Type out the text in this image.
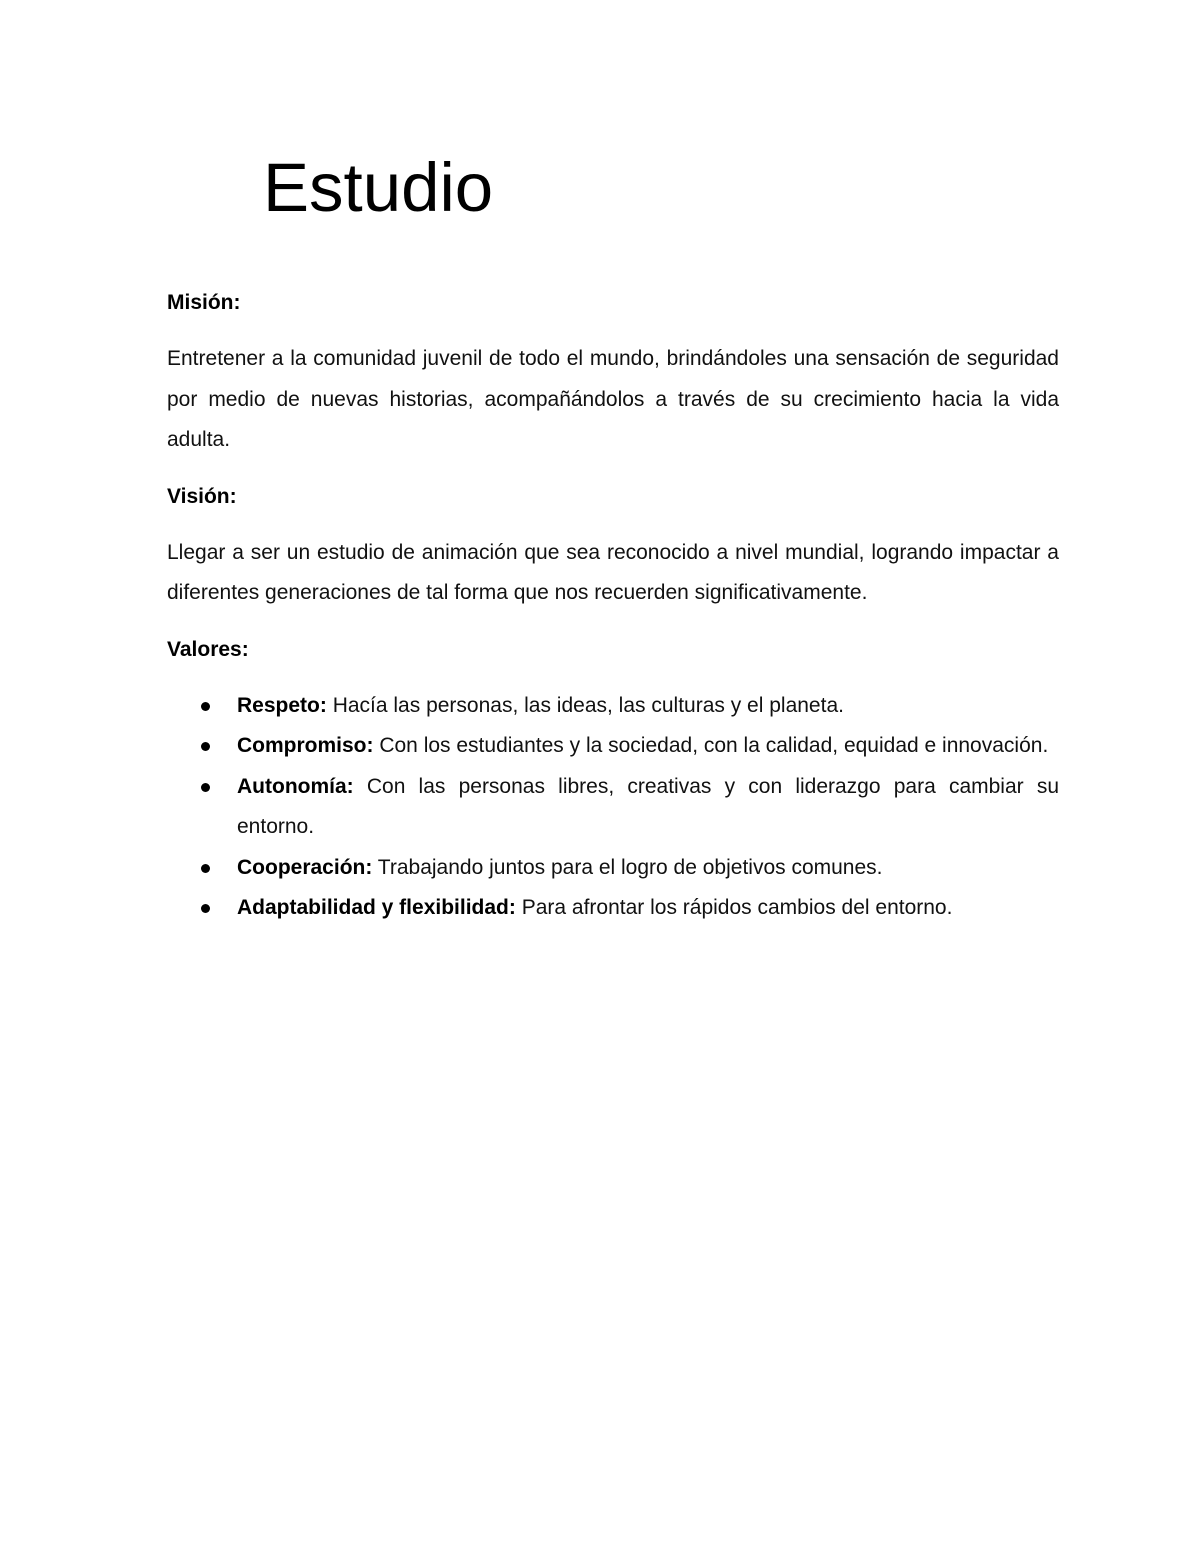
Estudio

Misión:

Entretener a la comunidad juvenil de todo el mundo, brindándoles una sensación de seguridad por medio de nuevas historias, acompañándolos a través de su crecimiento hacia la vida adulta.

Visión:

Llegar a ser un estudio de animación que sea reconocido a nivel mundial, logrando impactar a diferentes generaciones de tal forma que nos recuerden significativamente.

Valores:

Respeto: Hacía las personas, las ideas, las culturas y el planeta.
Compromiso: Con los estudiantes y la sociedad, con la calidad, equidad e innovación.
Autonomía: Con las personas libres, creativas y con liderazgo para cambiar su entorno.
Cooperación: Trabajando juntos para el logro de objetivos comunes.
Adaptabilidad y flexibilidad: Para afrontar los rápidos cambios del entorno.
